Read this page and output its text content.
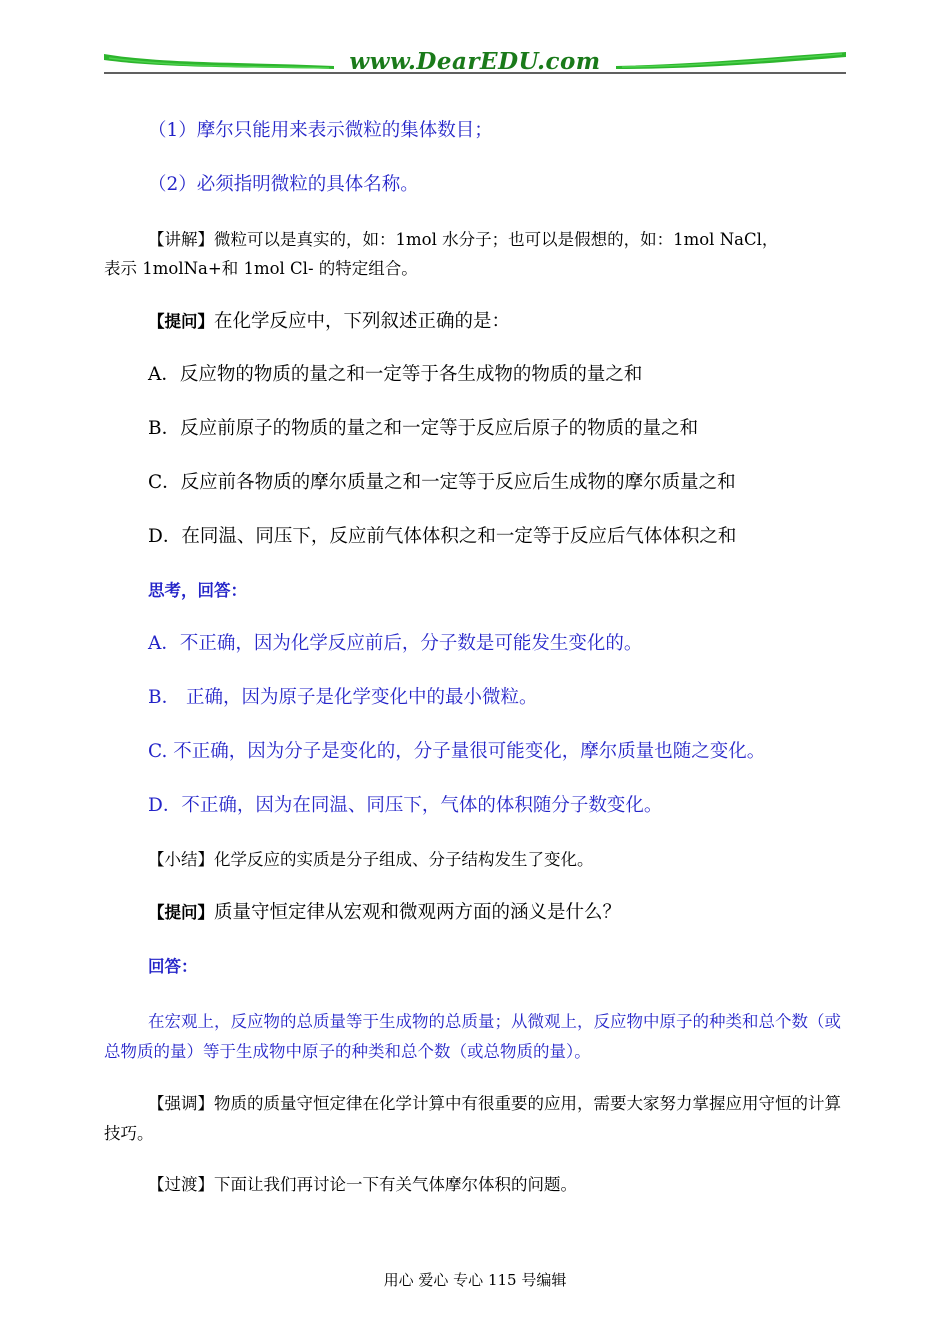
www.DearEDU.com
（1）摩尔只能用来表示微粒的集体数目；
（2）必须指明微粒的具体名称。
【讲解】微粒可以是真实的，如：1mol 水分子；也可以是假想的，如：1mol NaCl，
表示 1molNa+和 1mol Cl- 的特定组合。
【提问】在化学反应中，下列叙述正确的是：
A．反应物的物质的量之和一定等于各生成物的物质的量之和
B．反应前原子的物质的量之和一定等于反应后原子的物质的量之和
C．反应前各物质的摩尔质量之和一定等于反应后生成物的摩尔质量之和
D．在同温、同压下，反应前气体体积之和一定等于反应后气体体积之和
思考，回答：
A．不正确，因为化学反应前后，分子数是可能发生变化的。
B． 正确，因为原子是化学变化中的最小微粒。
C. 不正确，因为分子是变化的，分子量很可能变化，摩尔质量也随之变化。
D．不正确，因为在同温、同压下，气体的体积随分子数变化。
【小结】化学反应的实质是分子组成、分子结构发生了变化。
【提问】质量守恒定律从宏观和微观两方面的涵义是什么？
回答：
在宏观上，反应物的总质量等于生成物的总质量；从微观上，反应物中原子的种类和总个数（或总物质的量）等于生成物中原子的种类和总个数（或总物质的量）。
【强调】物质的质量守恒定律在化学计算中有很重要的应用，需要大家努力掌握应用守恒的计算技巧。
【过渡】下面让我们再讨论一下有关气体摩尔体积的问题。
用心 爱心 专心 115 号编辑
